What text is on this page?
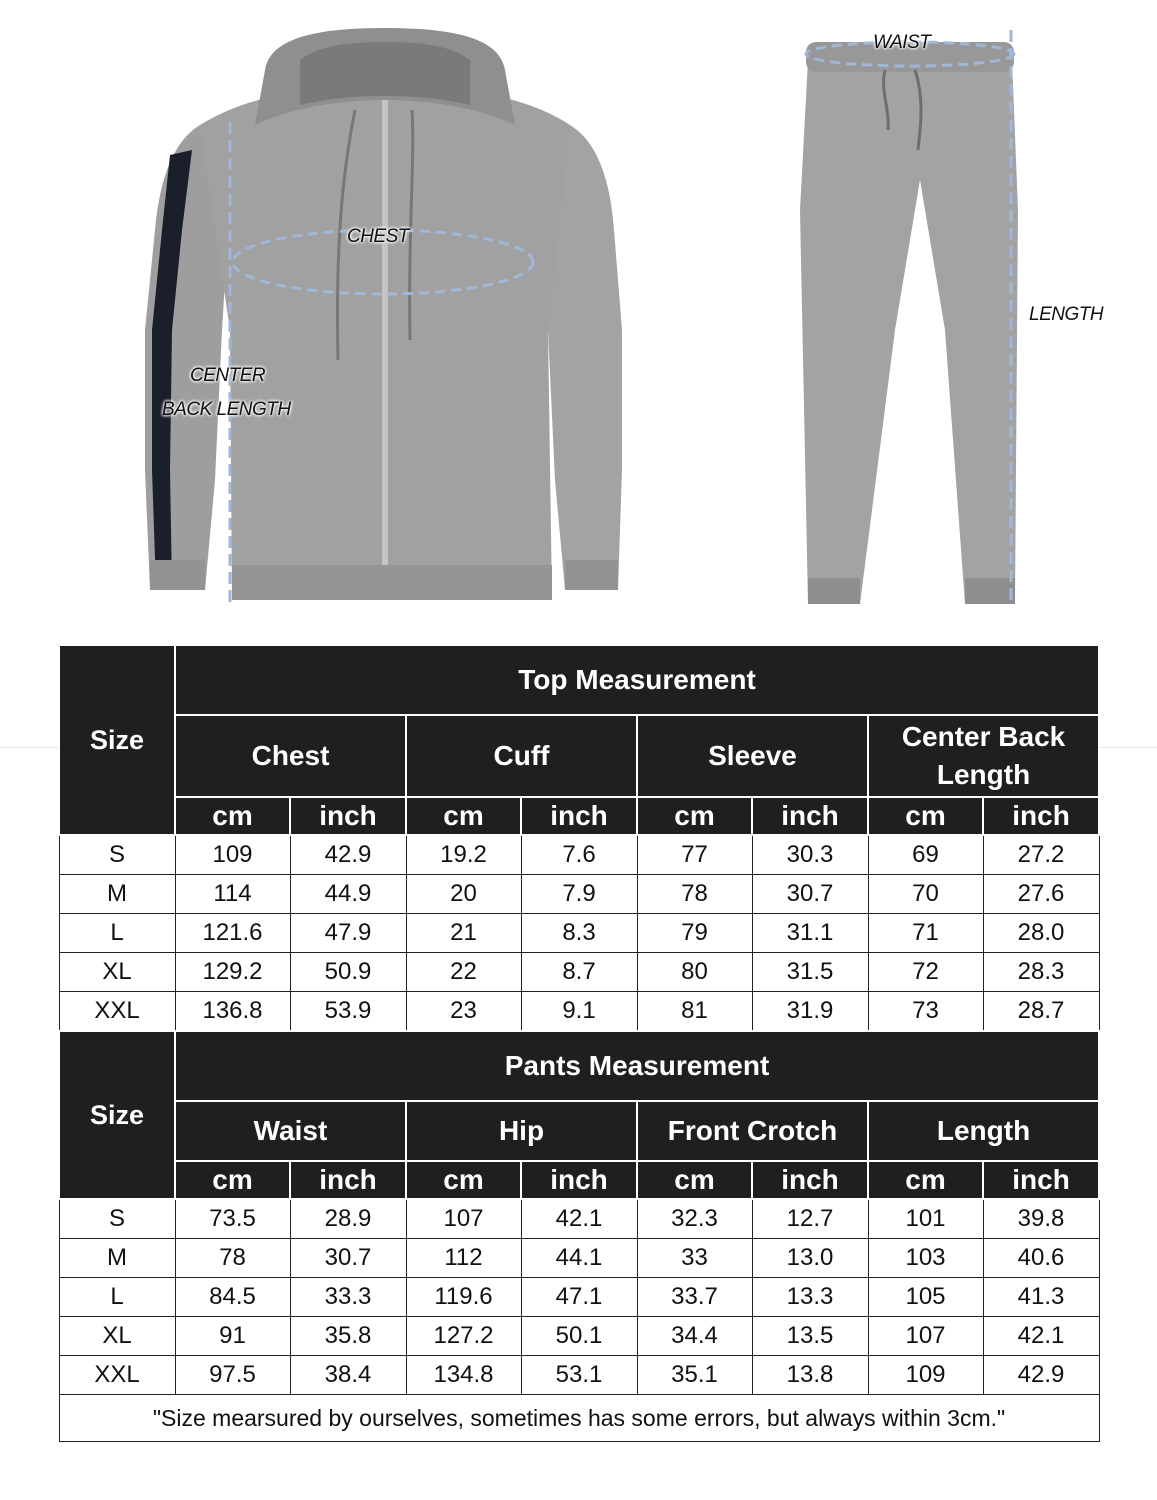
CHEST
CENTER
BACK LENGTH
WAIST
LENGTH
Size	Top Measurement							
	Chest		Cuff		Sleeve		Center Back Length	
	cm	inch	cm	inch	cm	inch	cm	inch
S	109	42.9	19.2	7.6	77	30.3	69	27.2
M	114	44.9	20	7.9	78	30.7	70	27.6
L	121.6	47.9	21	8.3	79	31.1	71	28.0
XL	129.2	50.9	22	8.7	80	31.5	72	28.3
XXL	136.8	53.9	23	9.1	81	31.9	73	28.7
Size	Pants Measurement							
	Waist		Hip		Front Crotch		Length	
	cm	inch	cm	inch	cm	inch	cm	inch
S	73.5	28.9	107	42.1	32.3	12.7	101	39.8
M	78	30.7	112	44.1	33	13.0	103	40.6
L	84.5	33.3	119.6	47.1	33.7	13.3	105	41.3
XL	91	35.8	127.2	50.1	34.4	13.5	107	42.1
XXL	97.5	38.4	134.8	53.1	35.1	13.8	109	42.9
"Size mearsured by ourselves, sometimes has some errors, but always within 3cm."								
